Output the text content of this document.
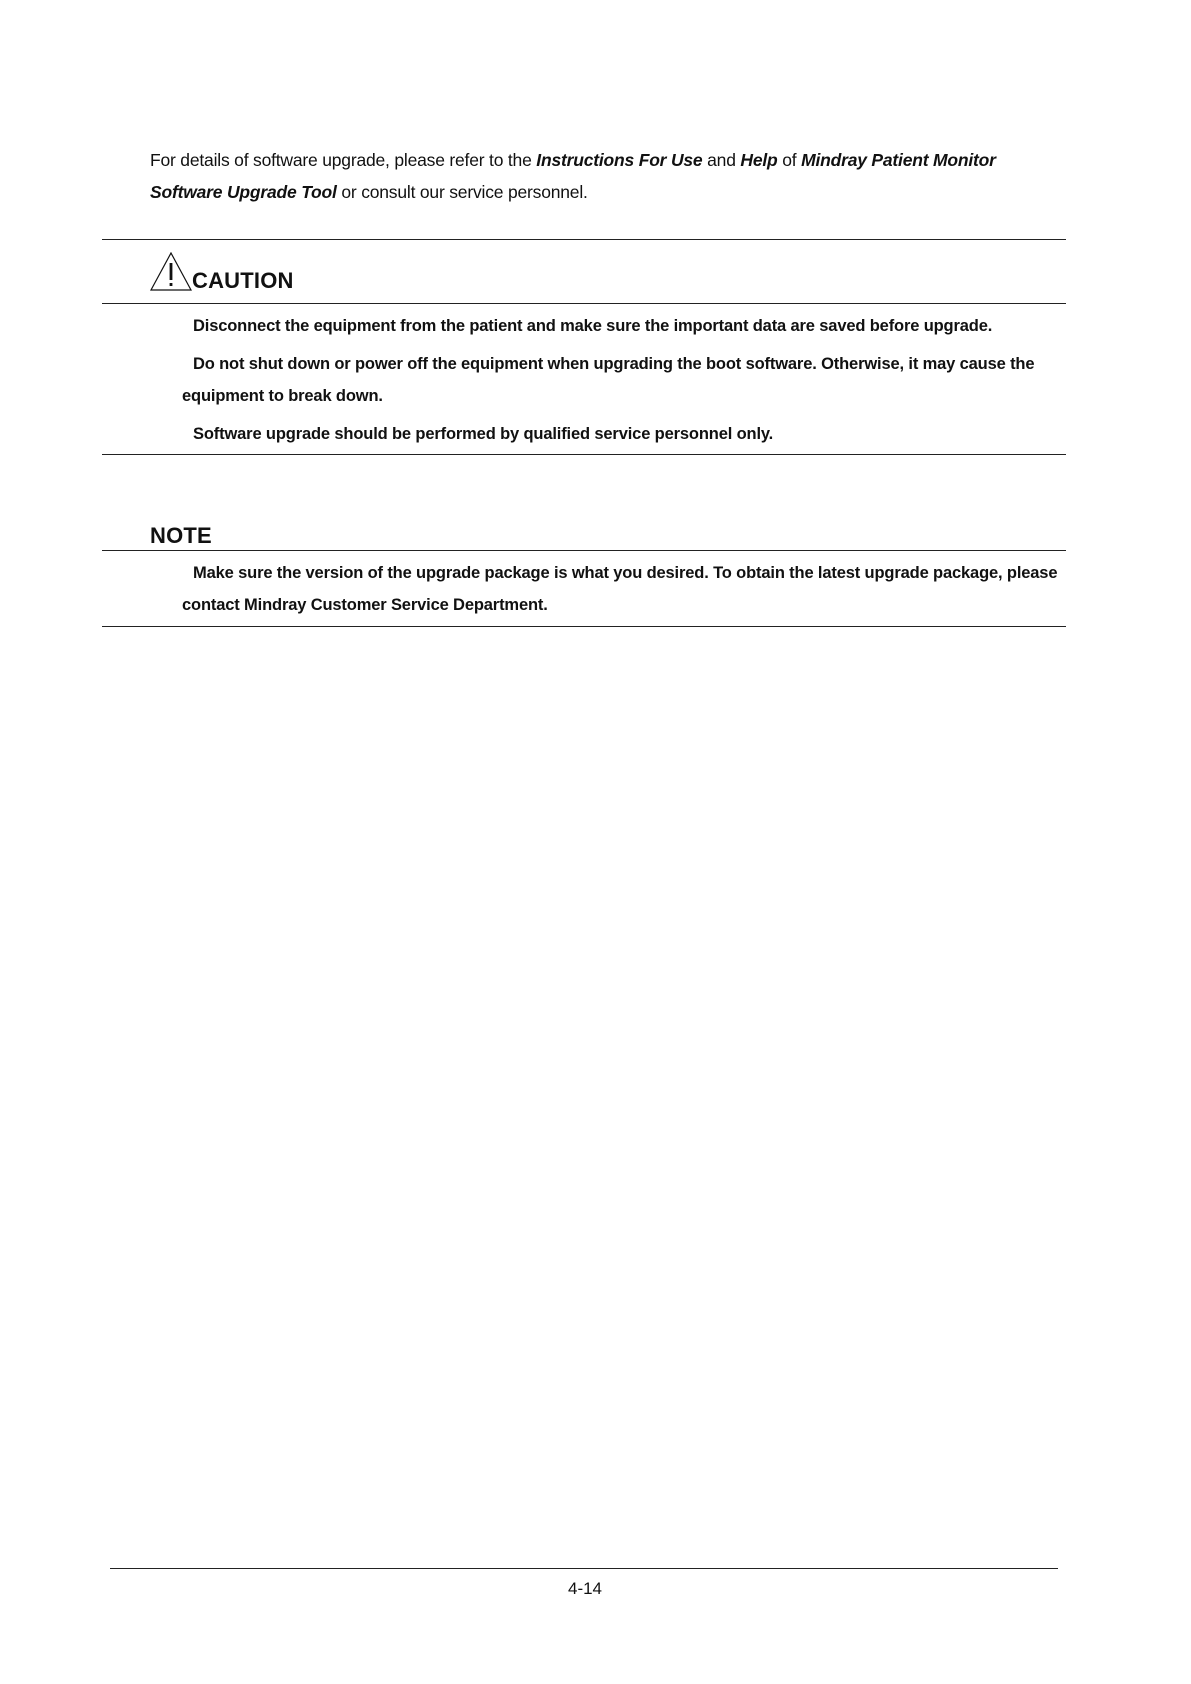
For details of software upgrade, please refer to the Instructions For Use and Help of Mindray Patient Monitor Software Upgrade Tool or consult our service personnel.

CAUTION

Disconnect the equipment from the patient and make sure the important data are saved before upgrade.

Do not shut down or power off the equipment when upgrading the boot software. Otherwise, it may cause the equipment to break down.

Software upgrade should be performed by qualified service personnel only.

NOTE

Make sure the version of the upgrade package is what you desired. To obtain the latest upgrade package, please contact Mindray Customer Service Department.

4-14
